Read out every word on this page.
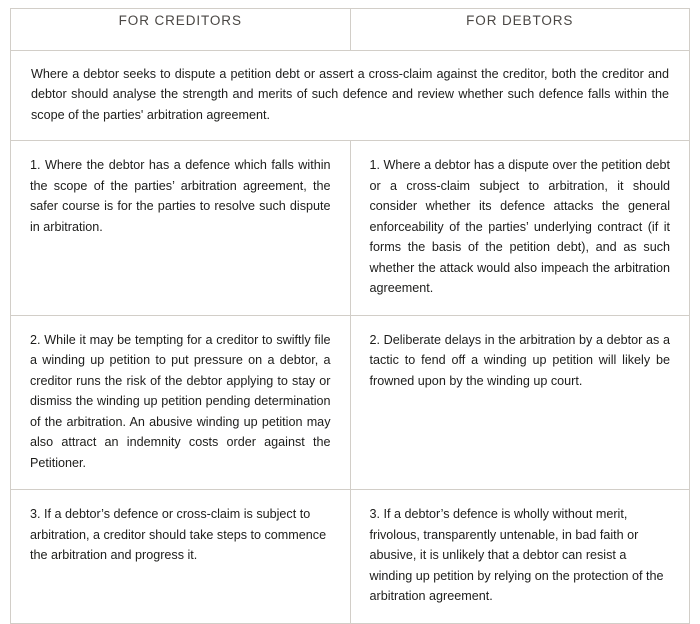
FOR CREDITORS	FOR DEBTORS

Where a debtor seeks to dispute a petition debt or assert a cross-claim against the creditor, both the creditor and debtor should analyse the strength and merits of such defence and review whether such defence falls within the scope of the parties' arbitration agreement.	

1. Where the debtor has a defence which falls within the scope of the parties’ arbitration agreement, the safer course is for the parties to resolve such dispute in arbitration.	1. Where a debtor has a dispute over the petition debt or a cross-claim subject to arbitration, it should consider whether its defence attacks the general enforceability of the parties’ underlying contract (if it forms the basis of the petition debt), and as such whether the attack would also impeach the arbitration agreement.

2. While it may be tempting for a creditor to swiftly file a winding up petition to put pressure on a debtor, a creditor runs the risk of the debtor applying to stay or dismiss the winding up petition pending determination of the arbitration. An abusive winding up petition may also attract an indemnity costs order against the Petitioner.	2. Deliberate delays in the arbitration by a debtor as a tactic to fend off a winding up petition will likely be frowned upon by the winding up court.

3. If a debtor’s defence or cross-claim is subject to arbitration, a creditor should take steps to commence the arbitration and progress it.	3. If a debtor’s defence is wholly without merit, frivolous, transparently untenable, in bad faith or abusive, it is unlikely that a debtor can resist a winding up petition by relying on the protection of the arbitration agreement.
